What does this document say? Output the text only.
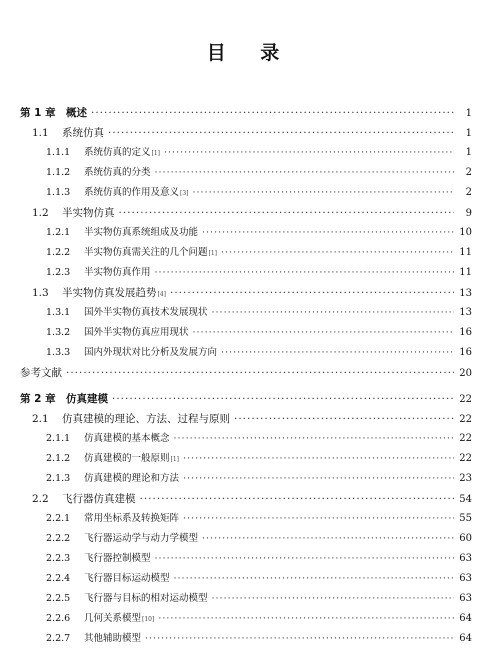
目 录
第 1 章 概述 ·····	1
1.1	系统仿真 ·····	1
1.1.1	系统仿真的定义 [1] ·····	1
1.1.2	系统仿真的分类 ·····	2
1.1.3	系统仿真的作用及意义 [3] ·····	2
1.2	半实物仿真 ·····	9
1.2.1	半实物仿真系统组成及功能 ·····	10
1.2.2	半实物仿真需关注的几个问题 [1] ·····	11
1.2.3	半实物仿真作用 ·····	11
1.3	半实物仿真发展趋势 [4] ·····	13
1.3.1	国外半实物仿真技术发展现状 ·····	13
1.3.2	国外半实物仿真应用现状 ·····	16
1.3.3	国内外现状对比分析及发展方向 ·····	16
参考文献 ·····	20
第 2 章 仿真建模 ·····	22
2.1	仿真建模的理论、方法、过程与原则 ·····	22
2.1.1	仿真建模的基本概念 ·····	22
2.1.2	仿真建模的一般原则 [1] ·····	22
2.1.3	仿真建模的理论和方法 ·····	23
2.2	飞行器仿真建模 ·····	54
2.2.1	常用坐标系及转换矩阵 ·····	55
2.2.2	飞行器运动学与动力学模型 ·····	60
2.2.3	飞行器控制模型 ·····	63
2.2.4	飞行器目标运动模型 ·····	63
2.2.5	飞行器与目标的相对运动模型 ·····	63
2.2.6	几何关系模型 [10] ·····	64
2.2.7	其他辅助模型 ·····	64
